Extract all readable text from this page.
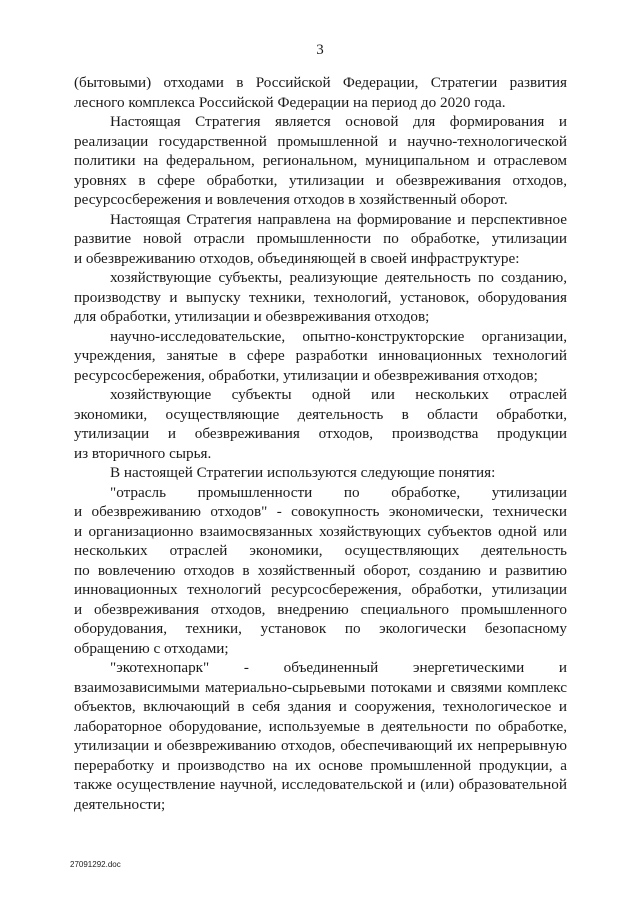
3
(бытовыми) отходами в Российской Федерации, Стратегии развития
лесного комплекса Российской Федерации на период до 2020 года.
Настоящая Стратегия является основой для формирования и
реализации государственной промышленной и научно-технологической
политики на федеральном, региональном, муниципальном и отраслевом
уровнях в сфере обработки, утилизации и обезвреживания отходов,
ресурсосбережения и вовлечения отходов в хозяйственный оборот.
Настоящая Стратегия направлена на формирование и перспективное
развитие новой отрасли промышленности по обработке, утилизации
и обезвреживанию отходов, объединяющей в своей инфраструктуре:
хозяйствующие субъекты, реализующие деятельность по созданию,
производству и выпуску техники, технологий, установок, оборудования
для обработки, утилизации и обезвреживания отходов;
научно-исследовательские, опытно-конструкторские организации,
учреждения, занятые в сфере разработки инновационных технологий
ресурсосбережения, обработки, утилизации и обезвреживания отходов;
хозяйствующие субъекты одной или нескольких отраслей
экономики, осуществляющие деятельность в области обработки,
утилизации и обезвреживания отходов, производства продукции
из вторичного сырья.
В настоящей Стратегии используются следующие понятия:
"отрасль промышленности по обработке, утилизации
и обезвреживанию отходов" - совокупность экономически, технически
и организационно взаимосвязанных хозяйствующих субъектов одной или
нескольких отраслей экономики, осуществляющих деятельность
по вовлечению отходов в хозяйственный оборот, созданию и развитию
инновационных технологий ресурсосбережения, обработки, утилизации
и обезвреживания отходов, внедрению специального промышленного
оборудования, техники, установок по экологически безопасному
обращению с отходами;
"экотехнопарк" - объединенный энергетическими и
взаимозависимыми материально-сырьевыми потоками и связями комплекс
объектов, включающий в себя здания и сооружения, технологическое и
лабораторное оборудование, используемые в деятельности по обработке,
утилизации и обезвреживанию отходов, обеспечивающий их непрерывную
переработку и производство на их основе промышленной продукции, а
также осуществление научной, исследовательской и (или) образовательной
деятельности;
27091292.doc
